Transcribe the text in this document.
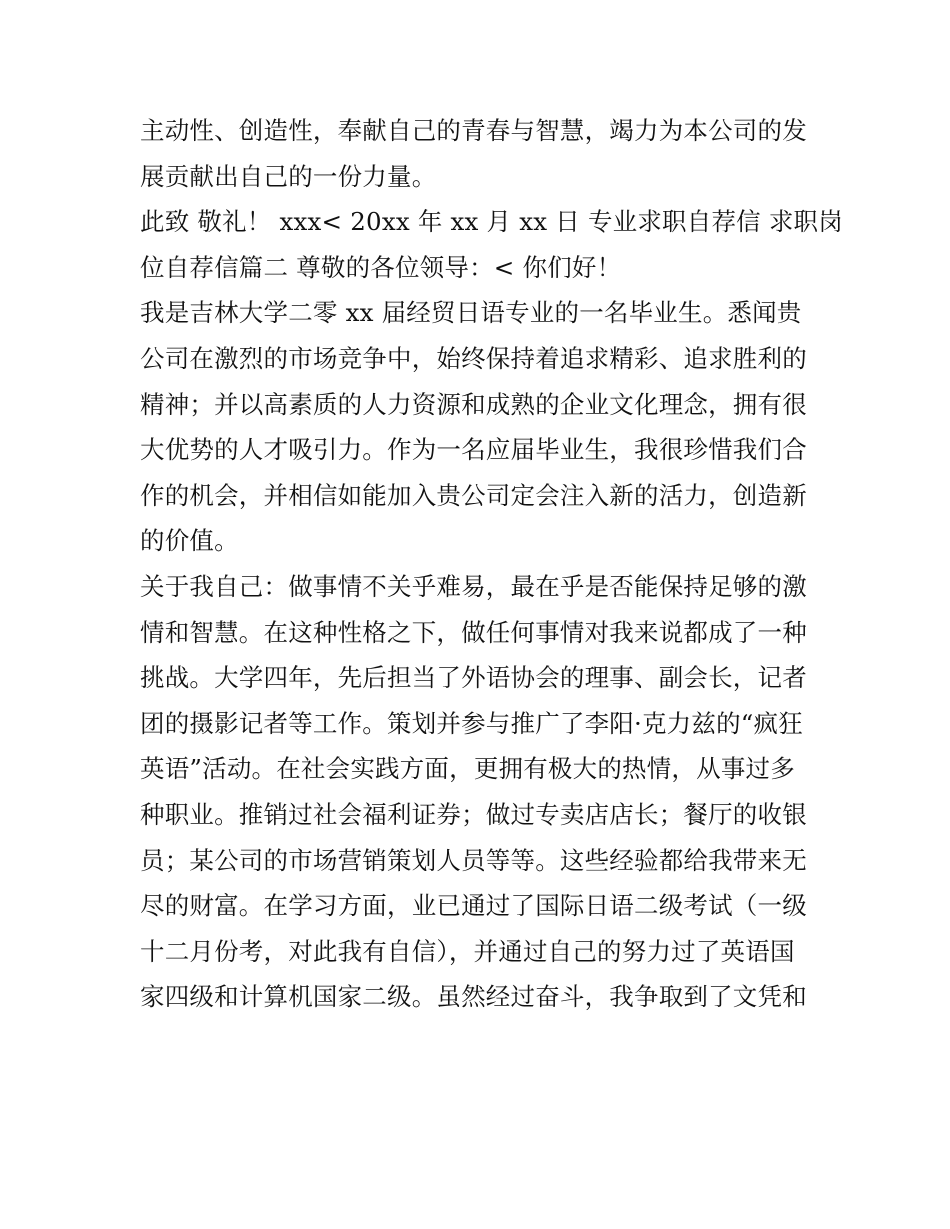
主动性、创造性，奉献自己的青春与智慧，竭力为本公司的发
展贡献出自己的一份力量。
此致 敬礼！ xxx< 20xx 年 xx 月 xx 日 专业求职自荐信 求职岗
位自荐信篇二 尊敬的各位领导：< 你们好！
我是吉林大学二零 xx 届经贸日语专业的一名毕业生。悉闻贵
公司在激烈的市场竞争中，始终保持着追求精彩、追求胜利的
精神；并以高素质的人力资源和成熟的企业文化理念，拥有很
大优势的人才吸引力。作为一名应届毕业生，我很珍惜我们合
作的机会，并相信如能加入贵公司定会注入新的活力，创造新
的价值。
关于我自己：做事情不关乎难易，最在乎是否能保持足够的激
情和智慧。在这种性格之下，做任何事情对我来说都成了一种
挑战。大学四年，先后担当了外语协会的理事、副会长，记者
团的摄影记者等工作。策划并参与推广了李阳·克力兹的“疯狂
英语”活动。在社会实践方面，更拥有极大的热情，从事过多
种职业。推销过社会福利证券；做过专卖店店长；餐厅的收银
员；某公司的市场营销策划人员等等。这些经验都给我带来无
尽的财富。在学习方面，业已通过了国际日语二级考试（一级
十二月份考，对此我有自信），并通过自己的努力过了英语国
家四级和计算机国家二级。虽然经过奋斗，我争取到了文凭和
